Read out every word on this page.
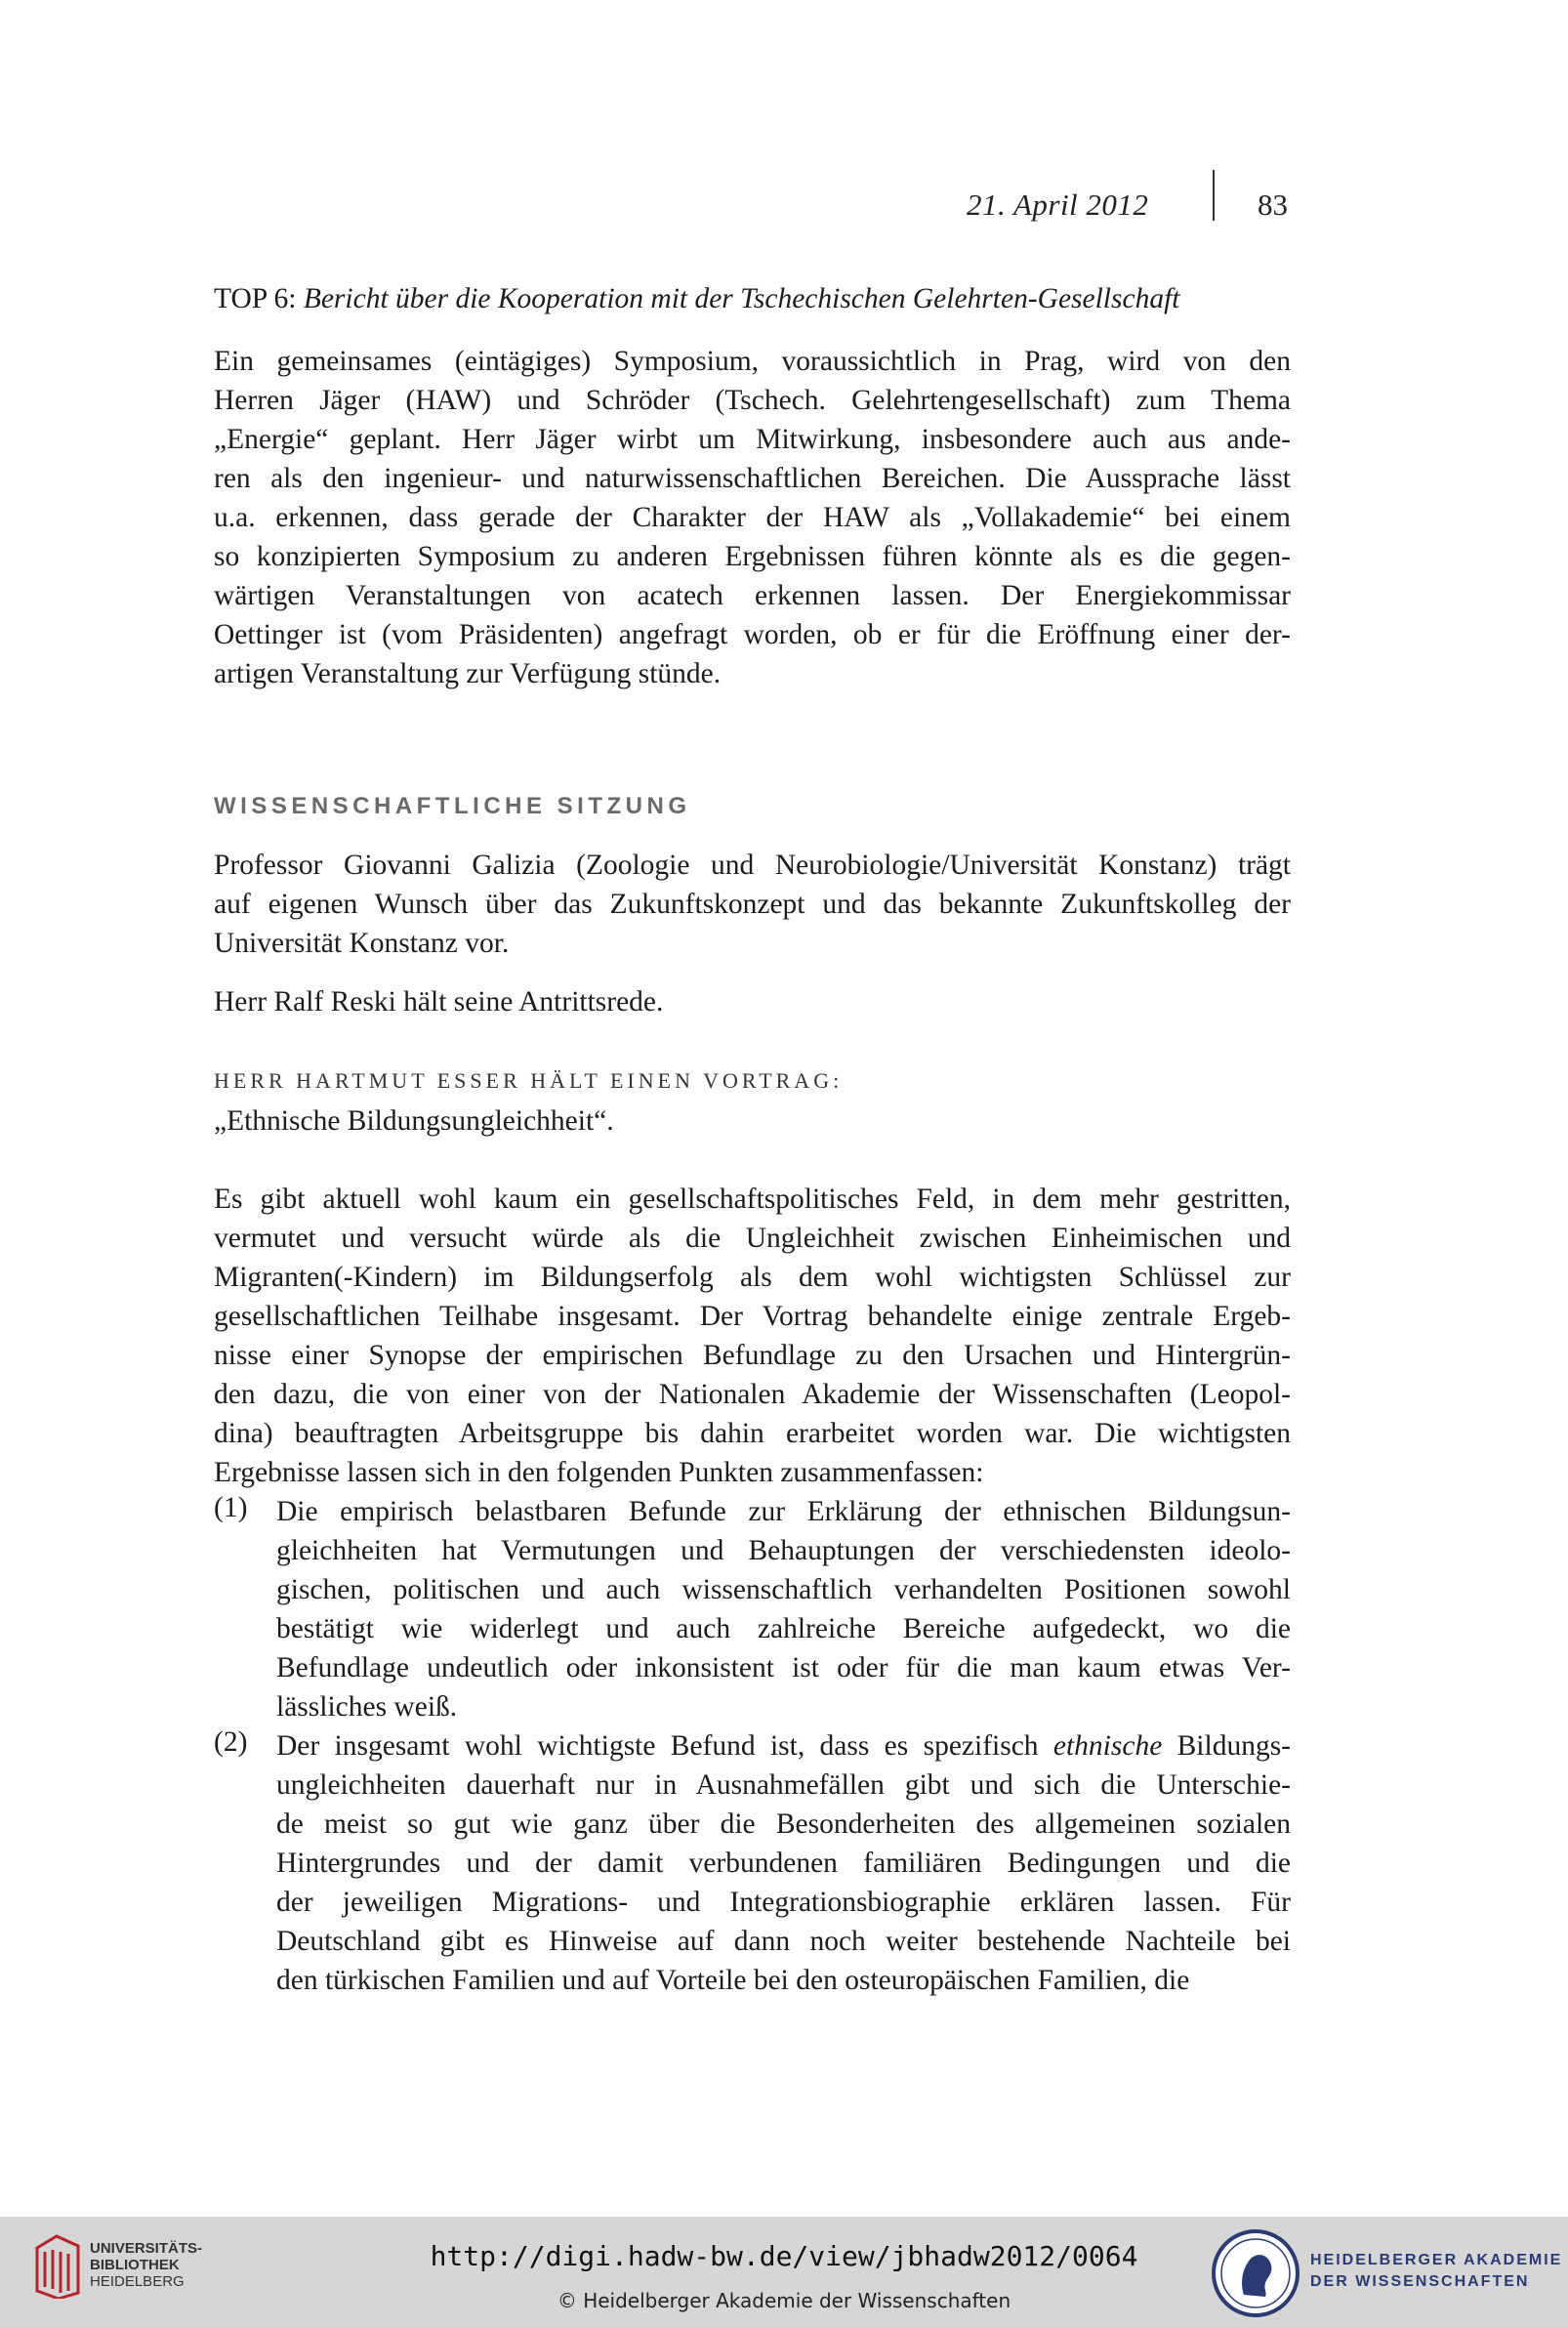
21. April 2012	83
TOP 6: Bericht über die Kooperation mit der Tschechischen Gelehrten-Gesellschaft
Ein gemeinsames (eintägiges) Symposium, voraussichtlich in Prag, wird von den
Herren Jäger (HAW) und Schröder (Tschech. Gelehrtengesellschaft) zum Thema
„Energie“ geplant. Herr Jäger wirbt um Mitwirkung, insbesondere auch aus ande-
ren als den ingenieur- und naturwissenschaftlichen Bereichen. Die Aussprache lässt
u.a. erkennen, dass gerade der Charakter der HAW als „Vollakademie“ bei einem
so konzipierten Symposium zu anderen Ergebnissen führen könnte als es die gegen-
wärtigen Veranstaltungen von acatech erkennen lassen. Der Energiekommissar
Oettinger ist (vom Präsidenten) angefragt worden, ob er für die Eröffnung einer der-
artigen Veranstaltung zur Verfügung stünde.
WISSENSCHAFTLICHE SITZUNG
Professor Giovanni Galizia (Zoologie und Neurobiologie/Universität Konstanz) trägt
auf eigenen Wunsch über das Zukunftskonzept und das bekannte Zukunftskolleg der
Universität Konstanz vor.
Herr Ralf Reski hält seine Antrittsrede.
HERR HARTMUT ESSER HÄLT EINEN VORTRAG:
„Ethnische Bildungsungleichheit“.
Es gibt aktuell wohl kaum ein gesellschaftspolitisches Feld, in dem mehr gestritten,
vermutet und versucht würde als die Ungleichheit zwischen Einheimischen und
Migranten(-Kindern) im Bildungserfolg als dem wohl wichtigsten Schlüssel zur
gesellschaftlichen Teilhabe insgesamt. Der Vortrag behandelte einige zentrale Ergeb-
nisse einer Synopse der empirischen Befundlage zu den Ursachen und Hintergrün-
den dazu, die von einer von der Nationalen Akademie der Wissenschaften (Leopol-
dina) beauftragten Arbeitsgruppe bis dahin erarbeitet worden war. Die wichtigsten
Ergebnisse lassen sich in den folgenden Punkten zusammenfassen:
(1) Die empirisch belastbaren Befunde zur Erklärung der ethnischen Bildungsun-
gleichheiten hat Vermutungen und Behauptungen der verschiedensten ideolo-
gischen, politischen und auch wissenschaftlich verhandelten Positionen sowohl
bestätigt wie widerlegt und auch zahlreiche Bereiche aufgedeckt, wo die
Befundlage undeutlich oder inkonsistent ist oder für die man kaum etwas Ver-
lässliches weiß.
(2) Der insgesamt wohl wichtigste Befund ist, dass es spezifisch ethnische Bildungs-
ungleichheiten dauerhaft nur in Ausnahmefällen gibt und sich die Unterschie-
de meist so gut wie ganz über die Besonderheiten des allgemeinen sozialen
Hintergrundes und der damit verbundenen familiären Bedingungen und die
der jeweiligen Migrations- und Integrationsbiographie erklären lassen. Für
Deutschland gibt es Hinweise auf dann noch weiter bestehende Nachteile bei
den türkischen Familien und auf Vorteile bei den osteuropäischen Familien, die
UNIVERSITÄTS-
BIBLIOTHEK
HEIDELBERG
http://digi.hadw-bw.de/view/jbhadw2012/0064
© Heidelberger Akademie der Wissenschaften
HEIDELBERGER AKADEMIE
DER WISSENSCHAFTEN
